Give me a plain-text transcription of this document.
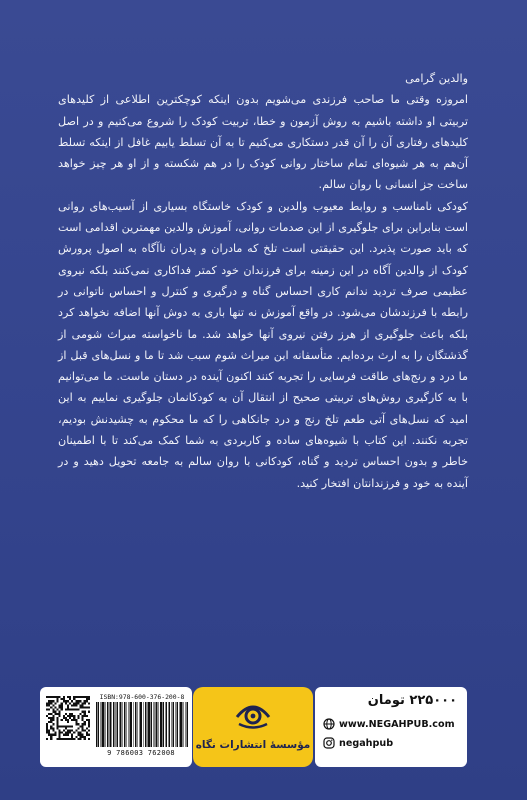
والدین گرامی

امروزه وقتی ما صاحب فرزندی می‌شویم بدون اینکه کوچکترین اطلاعی از کلیدهای تربیتی او داشته باشیم به روش آزمون و خطا، تربیت کودک را شروع می‌کنیم و در اصل کلیدهای رفتاری آن را آن قدر دستکاری می‌کنیم تا به آن تسلط یابیم غافل از اینکه تسلط آن‌هم به هر شیوه‌ای تمام ساختار روانی کودک را در هم شکسته و از او هر چیز خواهد ساخت جز انسانی با روان سالم.

کودکی نامناسب و روابط معیوب والدین و کودک خاستگاه بسیاری از آسیب‌های روانی است بنابراین برای جلوگیری از این صدمات روانی، آموزش والدین مهمترین اقدامی است که باید صورت پذیرد. این حقیقتی است تلخ که مادران و پدران ناآگاه به اصول پرورش کودک از والدین آگاه در این زمینه برای فرزندان خود کمتر فداکاری نمی‌کنند بلکه نیروی عظیمی صرف تردید ندانم کاری احساس گناه و درگیری و کنترل و احساس ناتوانی در رابطه با فرزندشان می‌شود. در واقع آموزش نه تنها باری به دوش آنها اضافه نخواهد کرد بلکه باعث جلوگیری از هرز رفتن نیروی آنها خواهد شد. ما ناخواسته میراث شومی از گذشتگان را به ارث برده‌ایم. متأسفانه این میراث شوم سبب شد تا ما و نسل‌های قبل از ما درد و رنج‌های طاقت فرسایی را تجربه کنند اکنون آینده در دستان ماست. ما می‌توانیم با به کارگیری روش‌های تربیتی صحیح از انتقال آن به کودکانمان جلوگیری نماییم به این امید که نسل‌های آتی طعم تلخ رنج و درد جانکاهی را که ما محکوم به چشیدنش بودیم، تجربه نکنند. این کتاب با شیوه‌های ساده و کاربردی به شما کمک می‌کند تا با اطمینان خاطر و بدون احساس تردید و گناه، کودکانی با روان سالم به جامعه تحویل دهید و در آینده به خود و فرزندانتان افتخار کنید.

ISBN:978-600-376-200-8
9 786003 762008
مؤسسهٔ انتشارات نگاه
۲۲۵۰۰۰ تومان
www.NEGAHPUB.com
negahpub
